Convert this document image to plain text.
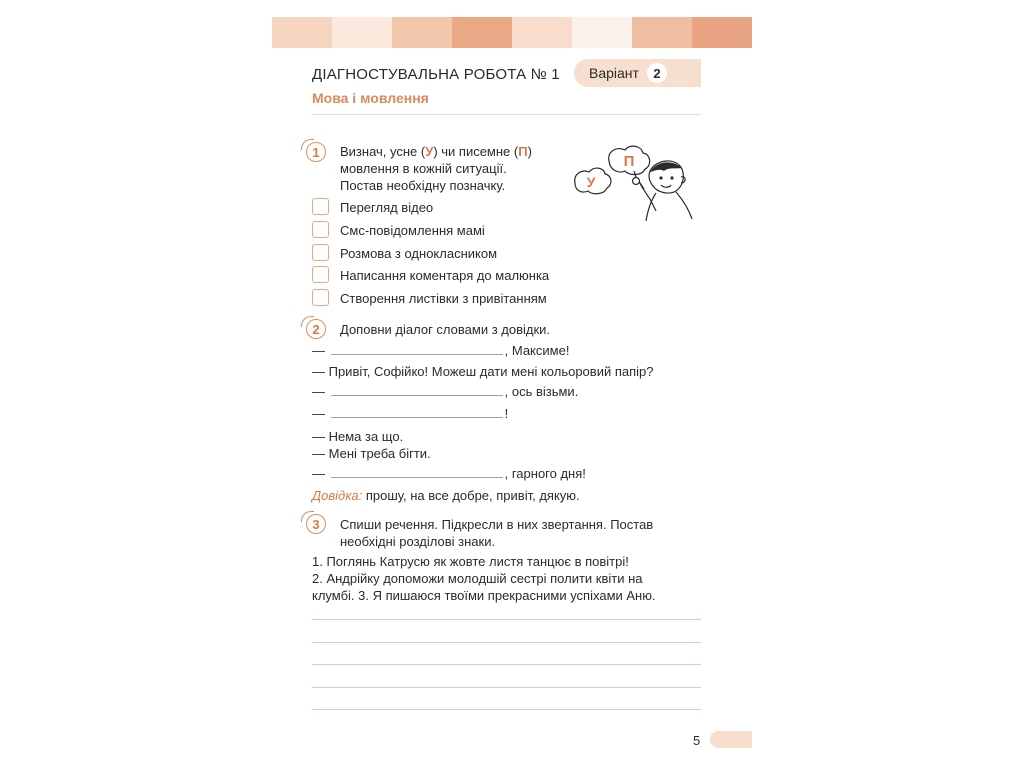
ДІАГНОСТУВАЛЬНА РОБОТА № 1
Мова і мовлення
Варіант	2
1	Визнач, усне (У) чи писемне (П)
мовлення в кожній ситуації.
Постав необхідну позначку.	У
П
Перегляд відео
Смс-повідомлення мамі
Розмова з однокласником
Написання коментаря до малюнка
Створення листівки з привітанням
2	Доповни діалог словами з довідки.
—	, Максиме!
— Привіт, Софійко! Можеш дати мені кольоровий папір?
—	, ось візьми.
—	!
— Нема за що.
— Мені треба бігти.
—	, гарного дня!
Довідка: прошу, на все добре, привіт, дякую.
3	Спиши речення. Підкресли в них звертання. Постав
необхідні розділові знаки.
1. Поглянь Катрусю як жовте листя танцює в повітрі!
2. Андрійку допоможи молодшій сестрі полити квіти на
клумбі. 3. Я пишаюся твоїми прекрасними успіхами Аню.
5
